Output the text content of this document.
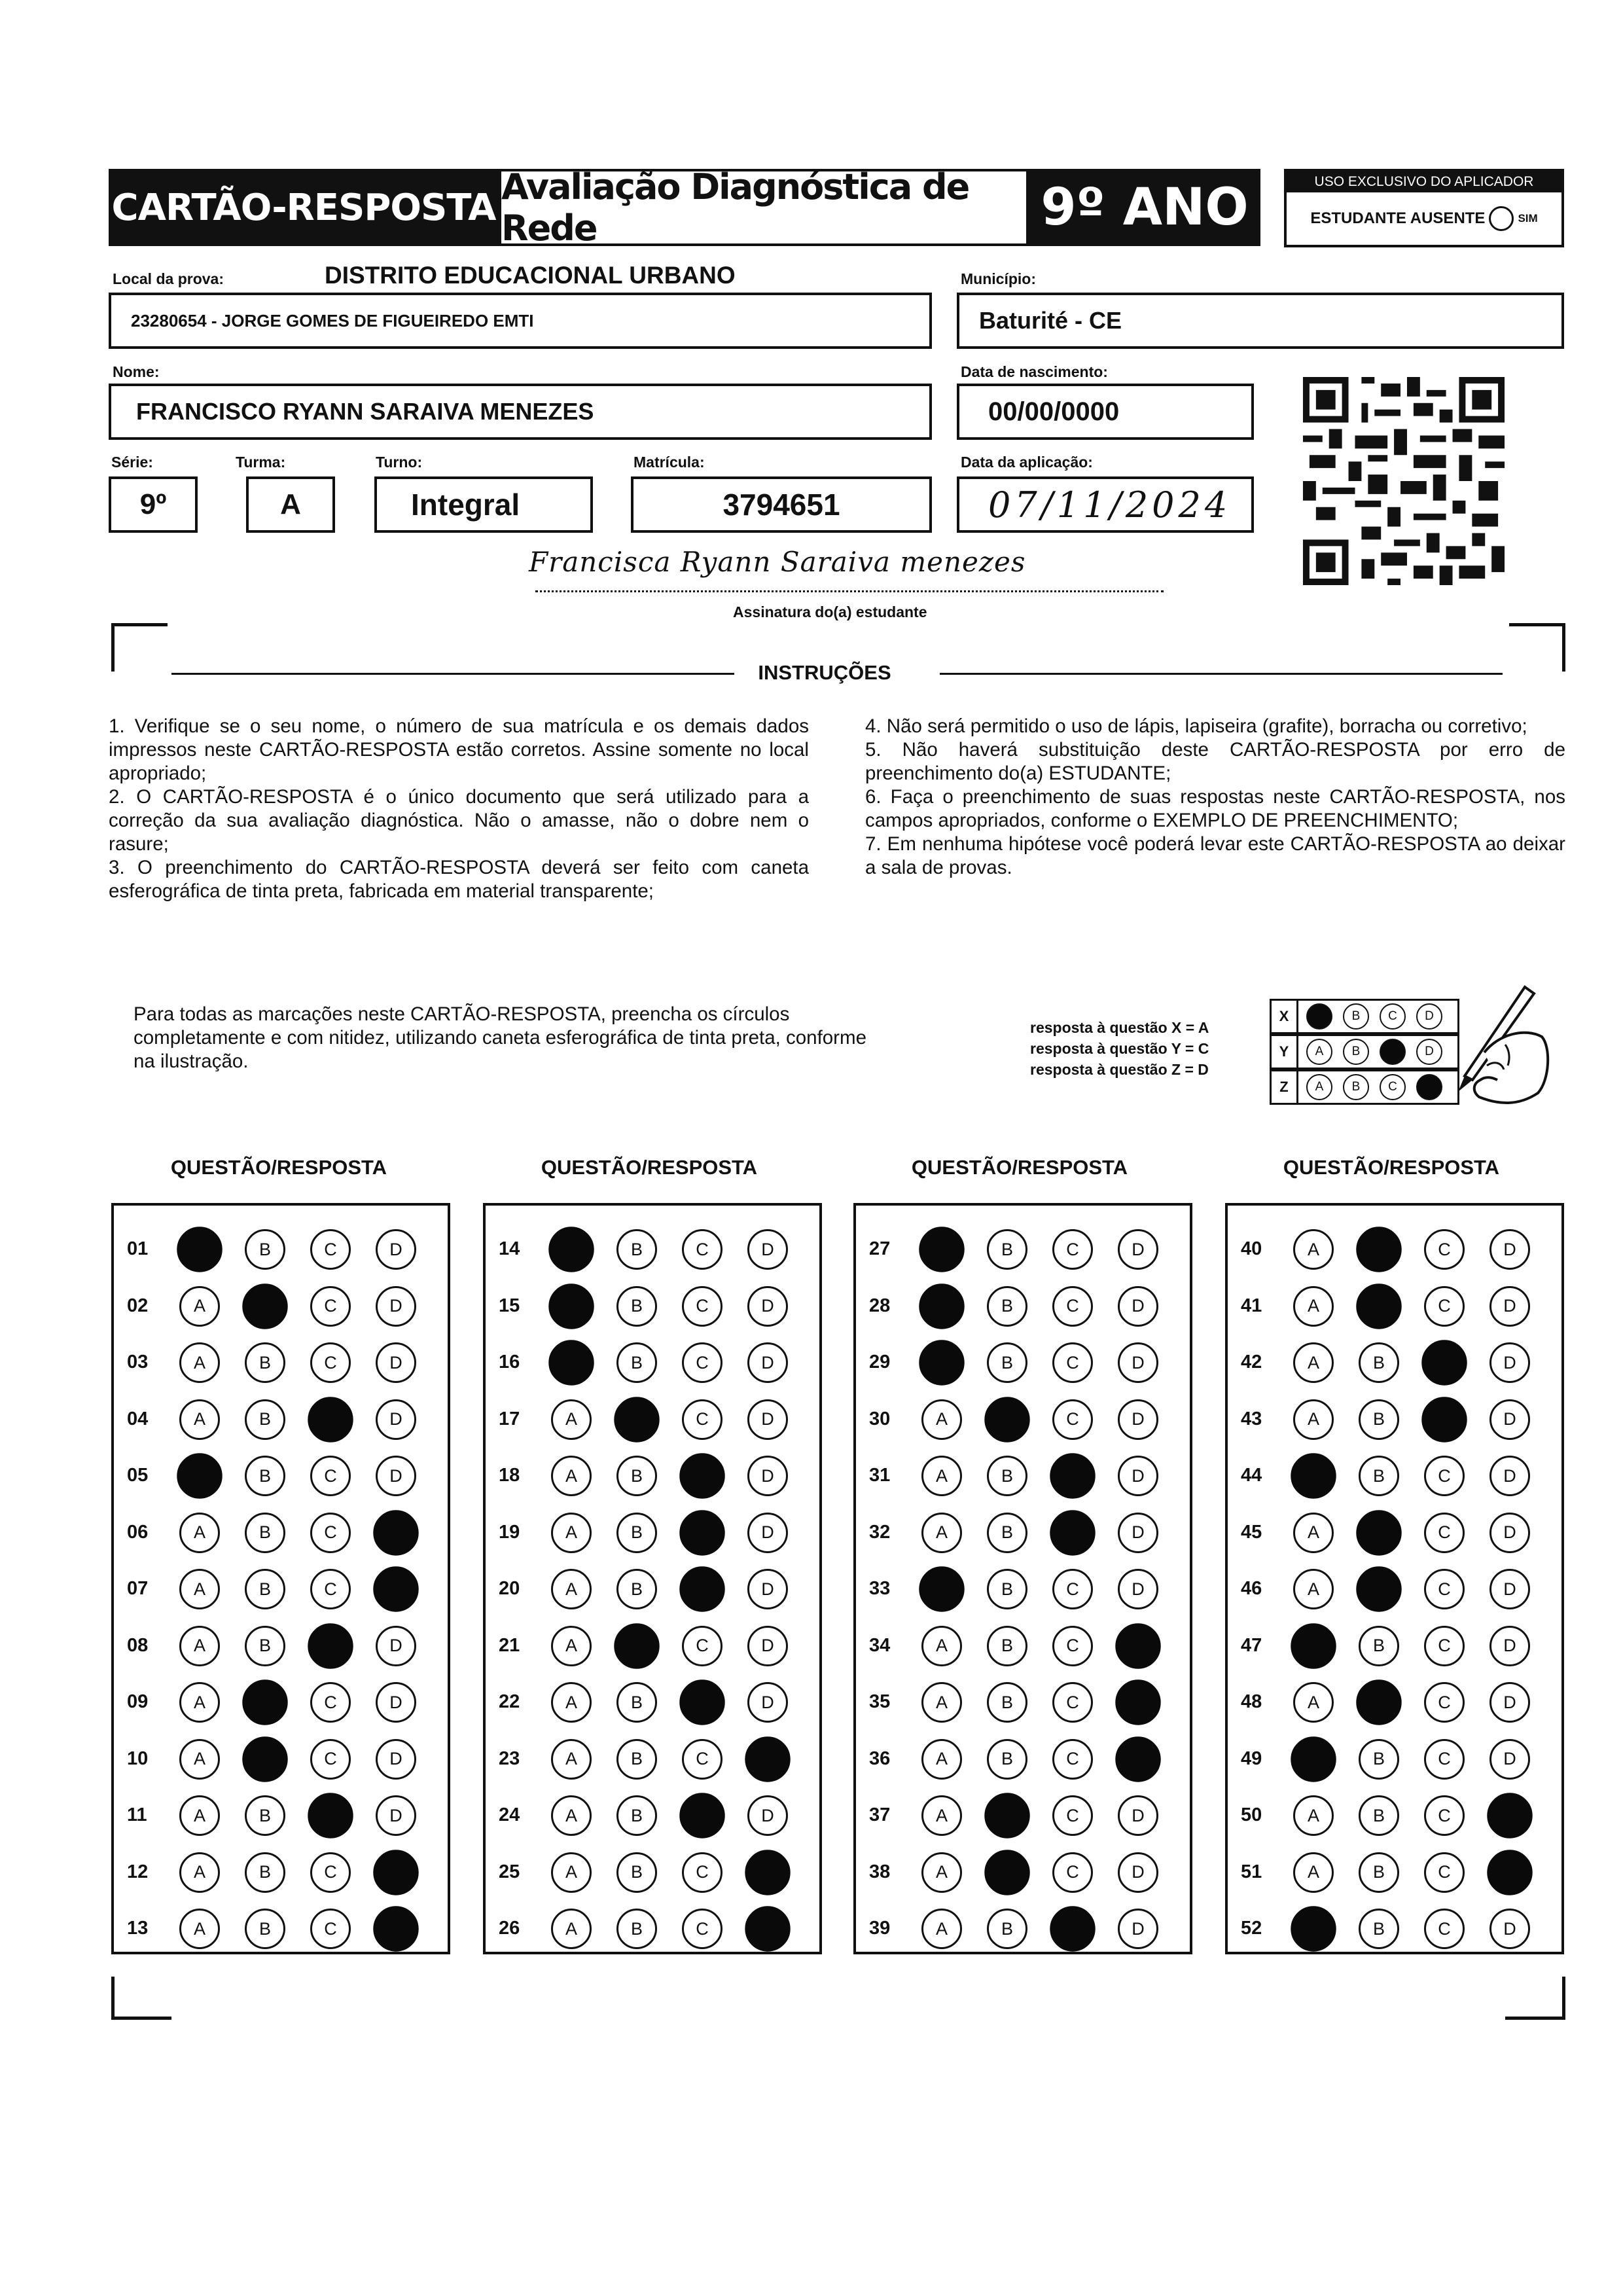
CARTÃO-RESPOSTA Avaliação Diagnóstica de Rede	9º ANO	USO EXCLUSIVO DO APLICADOR
ESTUDANTE AUSENTE	SIM
Local da prova:	DISTRITO EDUCACIONAL URBANO
23280654 - JORGE GOMES DE FIGUEIREDO EMTI
Município:
Baturité - CE
Nome:
FRANCISCO RYANN SARAIVA MENEZES
Data de nascimento:
00/00/0000
Série:
9º
Turma:
A
Turno:
Integral
Matrícula:
3794651
Data da aplicação:
07/11/2024
Francisca Ryann Saraiva menezes
Assinatura do(a) estudante
INSTRUÇÕES

1. Verifique se o seu nome, o número de sua matrícula e os demais dados impressos neste CARTÃO-RESPOSTA estão corretos. Assine somente no local apropriado;

2. O CARTÃO-RESPOSTA é o único documento que será utilizado para a correção da sua avaliação diagnóstica. Não o amasse, não o dobre nem o rasure;

3. O preenchimento do CARTÃO-RESPOSTA deverá ser feito com caneta esferográfica de tinta preta, fabricada em material transparente;

4. Não será permitido o uso de lápis, lapiseira (grafite), borracha ou corretivo;

5. Não haverá substituição deste CARTÃO-RESPOSTA por erro de preenchimento do(a) ESTUDANTE;

6. Faça o preenchimento de suas respostas neste CARTÃO-RESPOSTA, nos campos apropriados, conforme o EXEMPLO DE PREENCHIMENTO;

7. Em nenhuma hipótese você poderá levar este CARTÃO-RESPOSTA ao deixar a sala de provas.

Para todas as marcações neste CARTÃO-RESPOSTA, preencha os círculos completamente e com nitidez, utilizando caneta esferográfica de tinta preta, conforme na ilustração.
resposta à questão X = A
resposta à questão Y = C
resposta à questão Z = D
X	A	B	C	D
Y	A	B	C	D
Z	A	B	C	D
QUESTÃO/RESPOSTA	QUESTÃO/RESPOSTA	QUESTÃO/RESPOSTA	QUESTÃO/RESPOSTA
01	A	B	C	D
02	A	B	C	D
03	A	B	C	D
04	A	B	C	D
05	A	B	C	D
06	A	B	C	D
07	A	B	C	D
08	A	B	C	D
09	A	B	C	D
10	A	B	C	D
11	A	B	C	D
12	A	B	C	D
13	A	B	C	D
14	A	B	C	D
15	A	B	C	D
16	A	B	C	D
17	A	B	C	D
18	A	B	C	D
19	A	B	C	D
20	A	B	C	D
21	A	B	C	D
22	A	B	C	D
23	A	B	C	D
24	A	B	C	D
25	A	B	C	D
26	A	B	C	D
27	A	B	C	D
28	A	B	C	D
29	A	B	C	D
30	A	B	C	D
31	A	B	C	D
32	A	B	C	D
33	A	B	C	D
34	A	B	C	D
35	A	B	C	D
36	A	B	C	D
37	A	B	C	D
38	A	B	C	D
39	A	B	C	D
40	A	B	C	D
41	A	B	C	D
42	A	B	C	D
43	A	B	C	D
44	A	B	C	D
45	A	B	C	D
46	A	B	C	D
47	A	B	C	D
48	A	B	C	D
49	A	B	C	D
50	A	B	C	D
51	A	B	C	D
52	A	B	C	D
